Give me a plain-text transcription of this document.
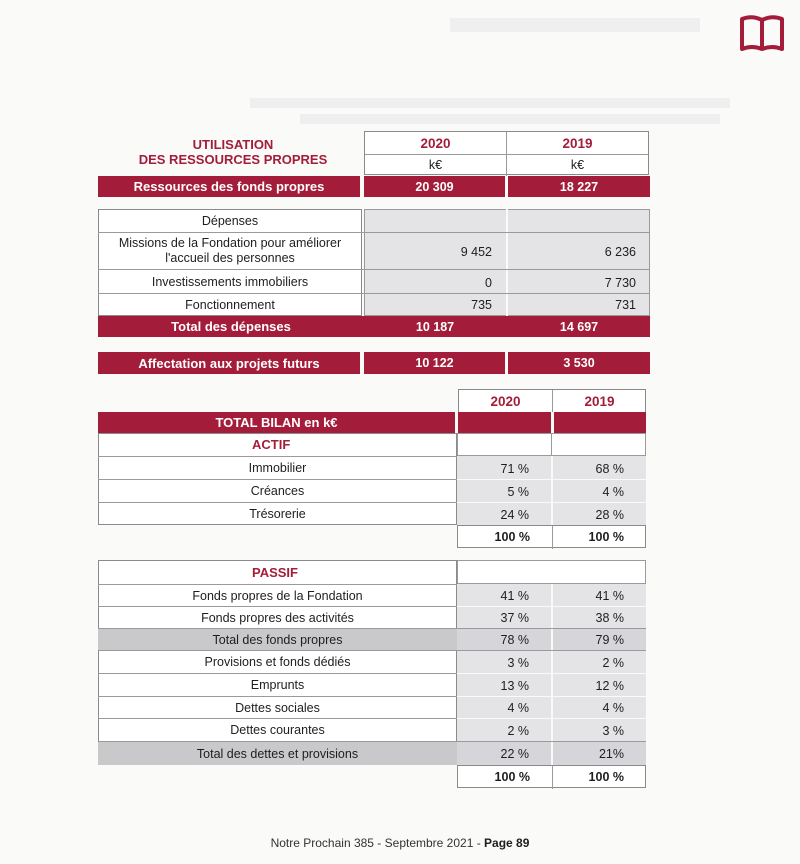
UTILISATION
DES RESSOURCES PROPRES
2020	2019
k€	k€
Ressources des fonds propres	20 309	18 227
Dépenses
Missions de la Fondation pour améliorer
l'accueil des personnes	9 452	6 236
Investissements immobiliers	0	7 730
Fonctionnement	735	731
Total des dépenses	10 187	14 697
Affectation aux projets futurs	10 122	3 530
2020	2019
TOTAL BILAN en k€
ACTIF
Immobilier	71 %	68 %
Créances	5 %	4 %
Trésorerie	24 %	28 %
100 %	100 %
PASSIF
Fonds propres de la Fondation	41 %	41 %
Fonds propres des activités	37 %	38 %
Total des fonds propres	78 %	79 %
Provisions et fonds dédiés	3 %	2 %
Emprunts	13 %	12 %
Dettes sociales	4 %	4 %
Dettes courantes	2 %	3 %
Total des dettes et provisions	22 %	21%
100 %	100 %
Notre Prochain 385 - Septembre 2021 - Page 89
